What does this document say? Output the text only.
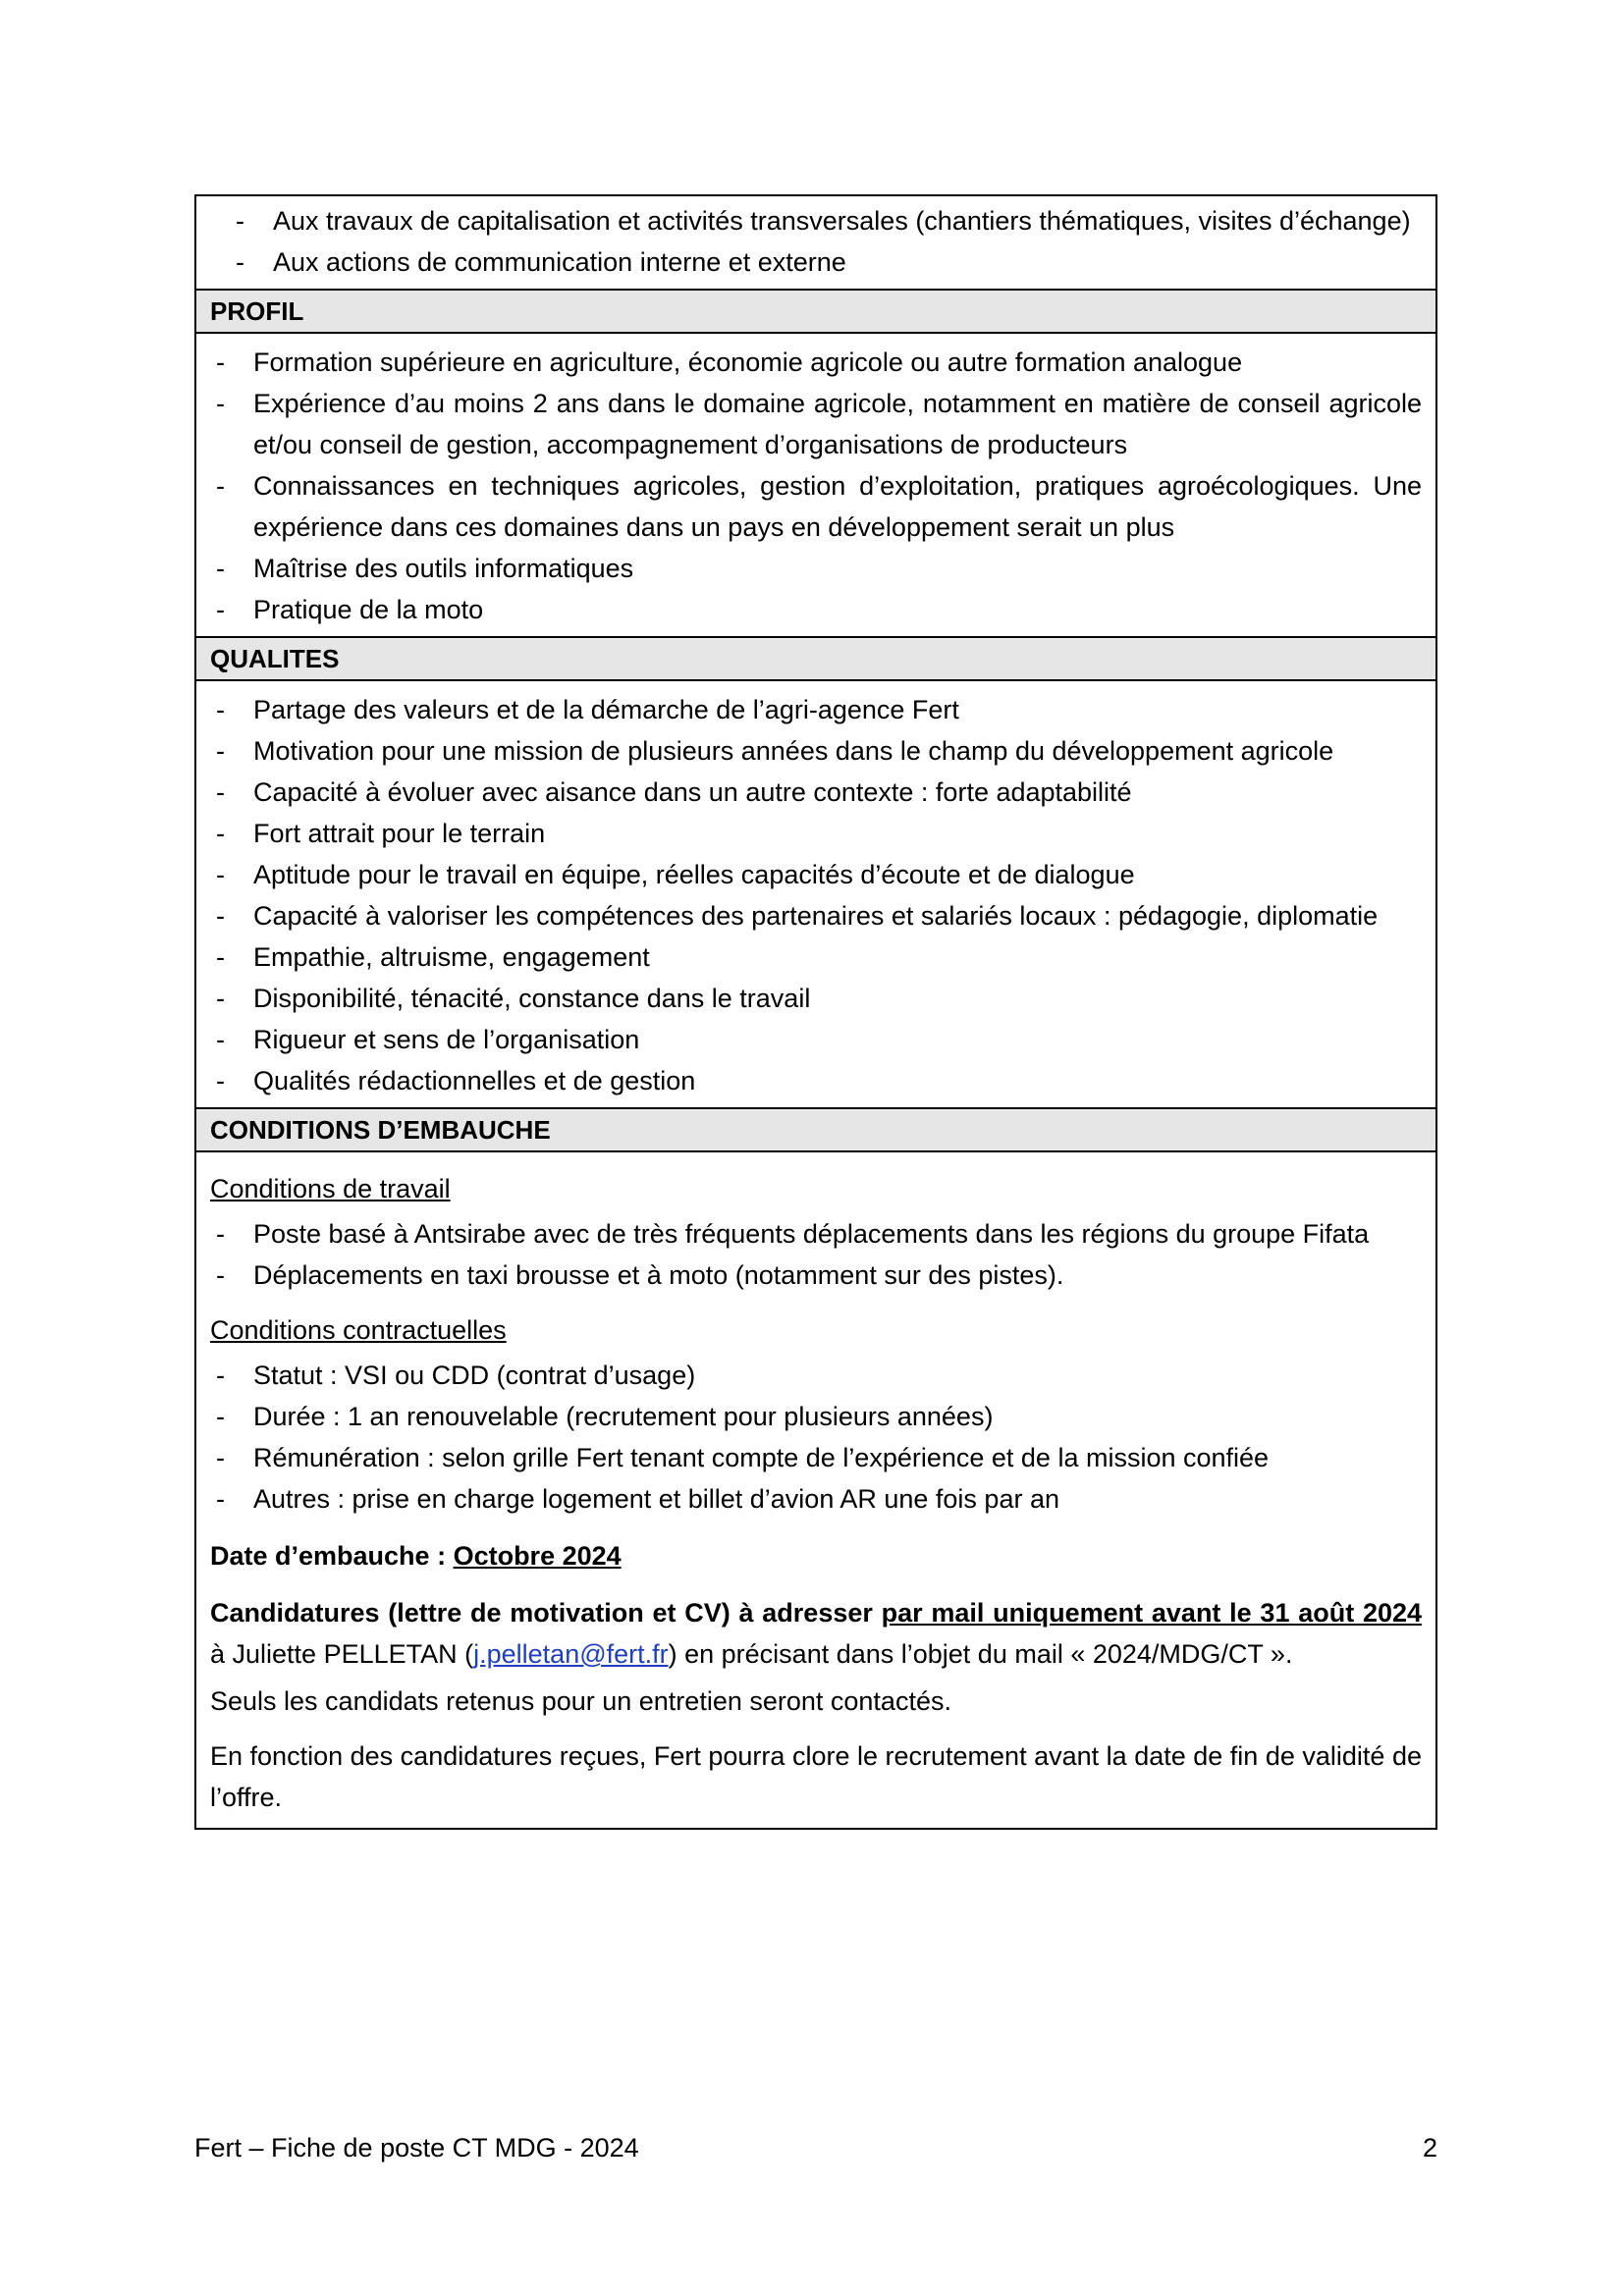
- Aux travaux de capitalisation et activités transversales (chantiers thématiques, visites d’échange)
- Aux actions de communication interne et externe
PROFIL
- Formation supérieure en agriculture, économie agricole ou autre formation analogue
- Expérience d’au moins 2 ans dans le domaine agricole, notamment en matière de conseil agricole et/ou conseil de gestion, accompagnement d’organisations de producteurs
- Connaissances en techniques agricoles, gestion d’exploitation, pratiques agroécologiques. Une expérience dans ces domaines dans un pays en développement serait un plus
- Maîtrise des outils informatiques
- Pratique de la moto
QUALITES
- Partage des valeurs et de la démarche de l’agri-agence Fert
- Motivation pour une mission de plusieurs années dans le champ du développement agricole
- Capacité à évoluer avec aisance dans un autre contexte : forte adaptabilité
- Fort attrait pour le terrain
- Aptitude pour le travail en équipe, réelles capacités d’écoute et de dialogue
- Capacité à valoriser les compétences des partenaires et salariés locaux : pédagogie, diplomatie
- Empathie, altruisme, engagement
- Disponibilité, ténacité, constance dans le travail
- Rigueur et sens de l’organisation
- Qualités rédactionnelles et de gestion
CONDITIONS D’EMBAUCHE
Conditions de travail
- Poste basé à Antsirabe avec de très fréquents déplacements dans les régions du groupe Fifata
- Déplacements en taxi brousse et à moto (notamment sur des pistes).
Conditions contractuelles
- Statut : VSI ou CDD (contrat d’usage)
- Durée : 1 an renouvelable (recrutement pour plusieurs années)
- Rémunération : selon grille Fert tenant compte de l’expérience et de la mission confiée
- Autres : prise en charge logement et billet d’avion AR une fois par an
Date d’embauche : Octobre 2024
Candidatures (lettre de motivation et CV) à adresser par mail uniquement avant le 31 août 2024 à Juliette PELLETAN (j.pelletan@fert.fr) en précisant dans l’objet du mail « 2024/MDG/CT ».
Seuls les candidats retenus pour un entretien seront contactés.
En fonction des candidatures reçues, Fert pourra clore le recrutement avant la date de fin de validité de l’offre.
Fert – Fiche de poste CT MDG - 2024	2
